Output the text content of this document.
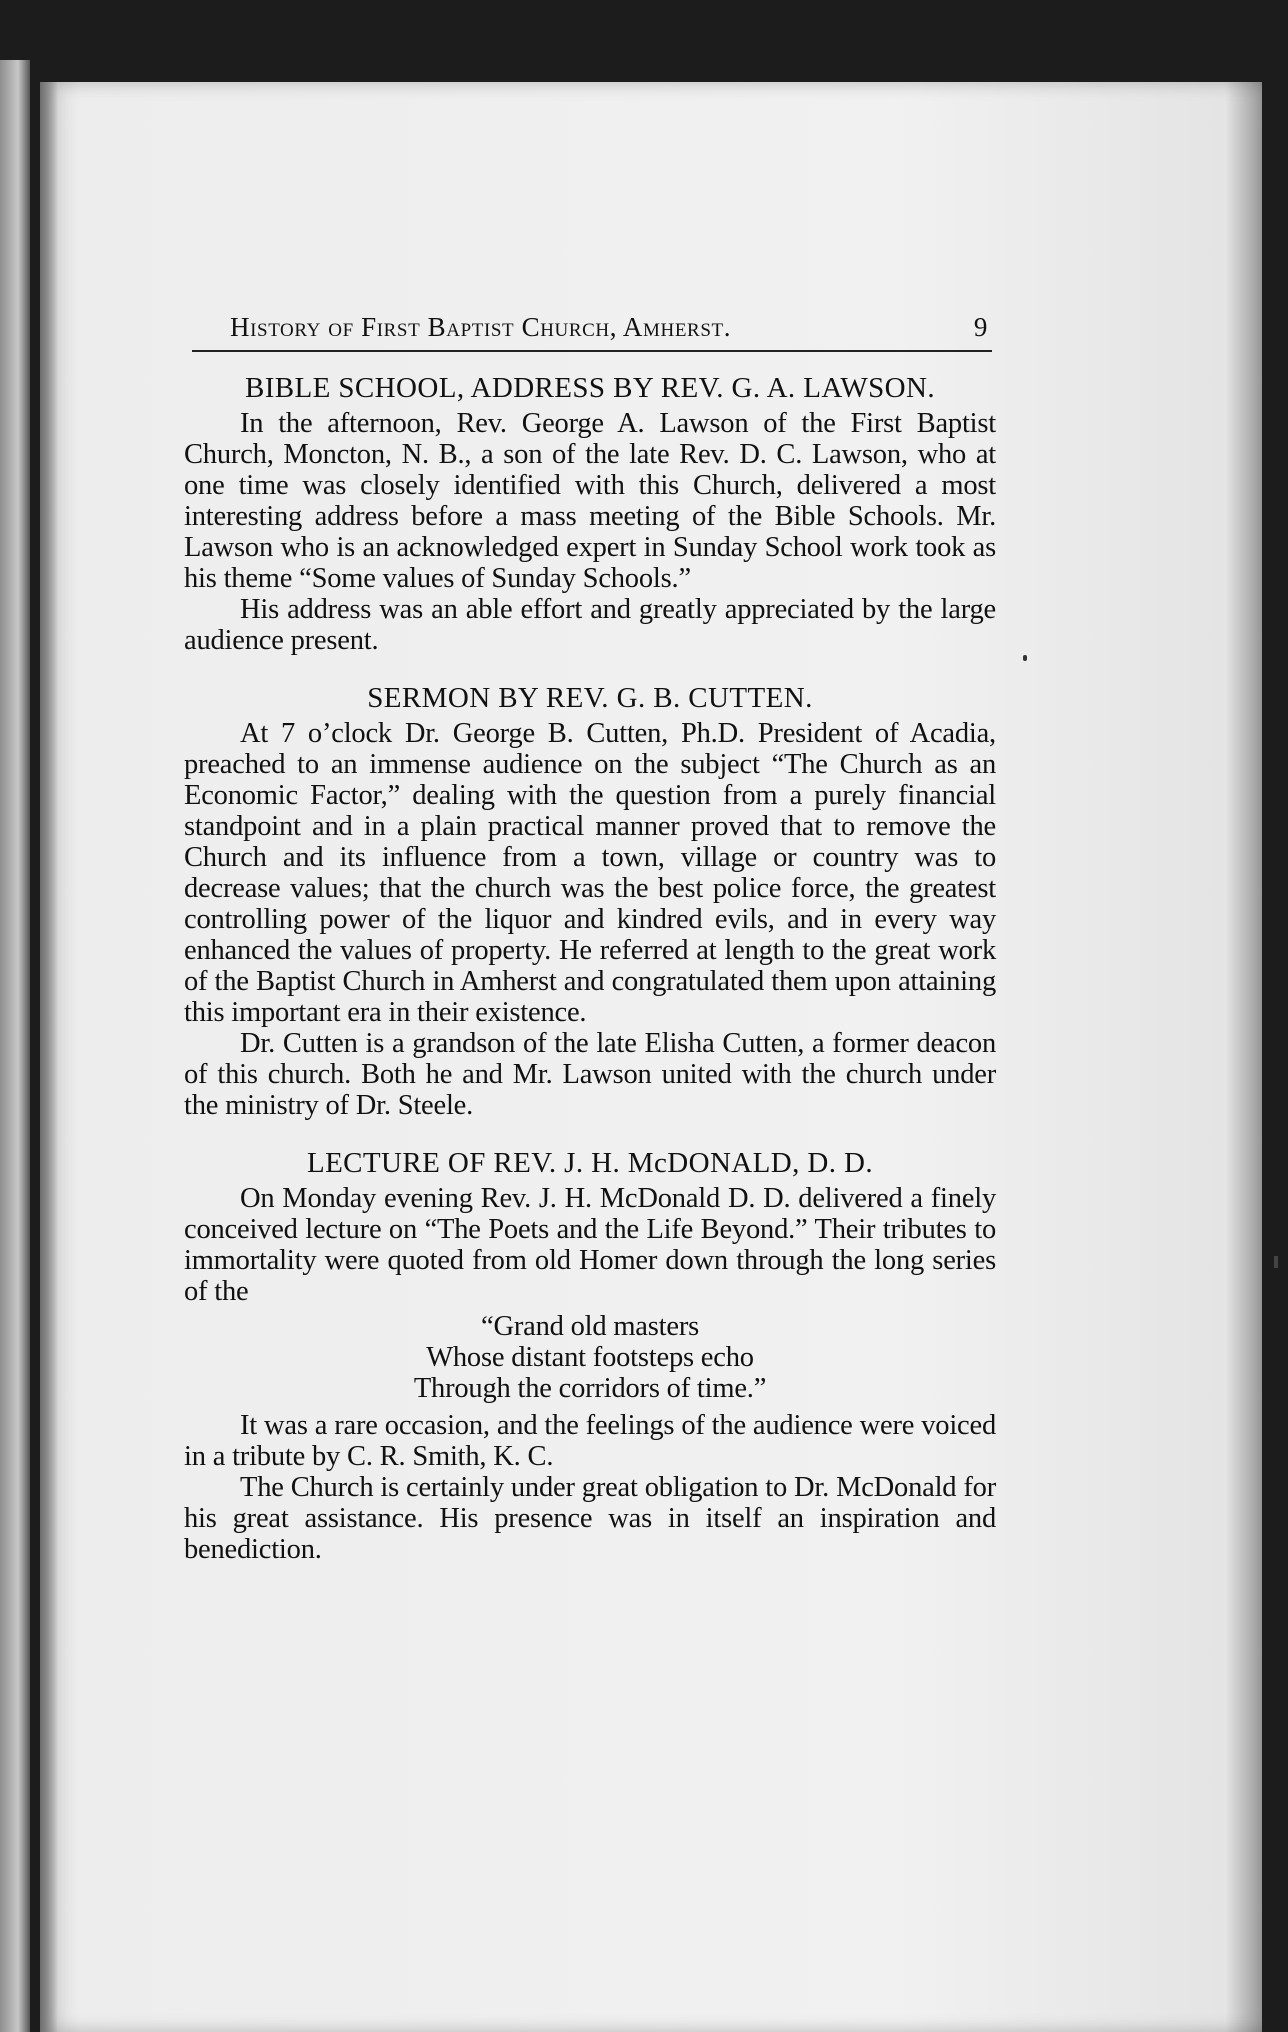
History of First Baptist Church, Amherst.	9
BIBLE SCHOOL, ADDRESS BY REV. G. A. LAWSON.

In the afternoon, Rev. George A. Lawson of the First Baptist Church, Moncton, N. B., a son of the late Rev. D. C. Lawson, who at one time was closely identified with this Church, delivered a most interesting address before a mass meeting of the Bible Schools. Mr. Lawson who is an acknowledged expert in Sunday School work took as his theme “Some values of Sunday Schools.”

His address was an able effort and greatly appreciated by the large audience present.

SERMON BY REV. G. B. CUTTEN.

At 7 o’clock Dr. George B. Cutten, Ph.D. President of Acadia, preached to an immense audience on the subject “The Church as an Economic Factor,” dealing with the question from a purely financial standpoint and in a plain practical manner proved that to remove the Church and its influence from a town, village or country was to decrease values; that the church was the best police force, the greatest controlling power of the liquor and kindred evils, and in every way enhanced the values of property. He referred at length to the great work of the Baptist Church in Amherst and congratulated them upon attaining this important era in their existence.

Dr. Cutten is a grandson of the late Elisha Cutten, a former deacon of this church. Both he and Mr. Lawson united with the church under the ministry of Dr. Steele.

LECTURE OF REV. J. H. McDONALD, D. D.

On Monday evening Rev. J. H. McDonald D. D. delivered a finely conceived lecture on “The Poets and the Life Beyond.” Their tributes to immortality were quoted from old Homer down through the long series of the

“Grand old masters
Whose distant footsteps echo
Through the corridors of time.”

It was a rare occasion, and the feelings of the audience were voiced in a tribute by C. R. Smith, K. C.

The Church is certainly under great obligation to Dr. McDonald for his great assistance. His presence was in itself an inspiration and benediction.
